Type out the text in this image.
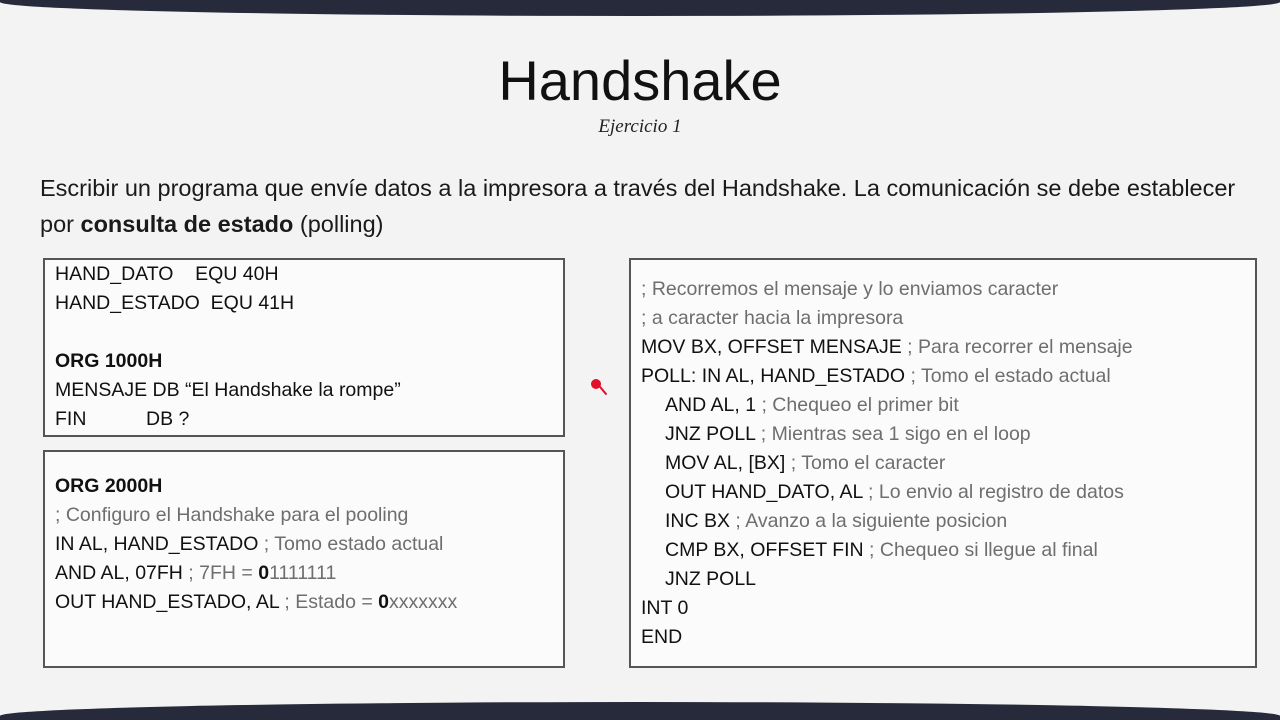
Handshake
Ejercicio 1
Escribir un programa que envíe datos a la impresora a través del Handshake. La comunicación se debe establecer por consulta de estado (polling)
HAND_DATO    EQU 40H
HAND_ESTADO  EQU 41H
ORG 1000H
MENSAJE DB “El Handshake la rompe”
FIN           DB ?
ORG 2000H
; Configuro el Handshake para el pooling
IN AL, HAND_ESTADO ; Tomo estado actual
AND AL, 07FH ; 7FH = 01111111
OUT HAND_ESTADO, AL ; Estado = 0xxxxxxx
; Recorremos el mensaje y lo enviamos caracter
; a caracter hacia la impresora
MOV BX, OFFSET MENSAJE ; Para recorrer el mensaje
POLL: IN AL, HAND_ESTADO ; Tomo el estado actual
AND AL, 1 ; Chequeo el primer bit
JNZ POLL ; Mientras sea 1 sigo en el loop
MOV AL, [BX] ; Tomo el caracter
OUT HAND_DATO, AL ; Lo envio al registro de datos
INC BX ; Avanzo a la siguiente posicion
CMP BX, OFFSET FIN ; Chequeo si llegue al final
JNZ POLL
INT 0
END
